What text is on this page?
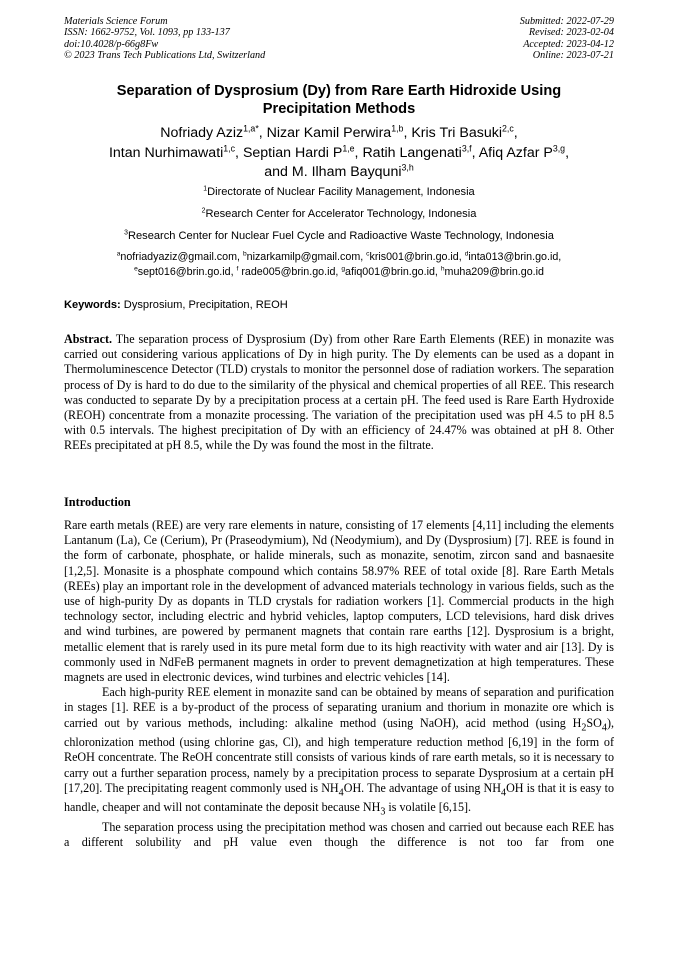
Materials Science Forum
ISSN: 1662-9752, Vol. 1093, pp 133-137
doi:10.4028/p-66g8Fw
© 2023 Trans Tech Publications Ltd, Switzerland
Submitted: 2022-07-29
Revised: 2023-02-04
Accepted: 2023-04-12
Online: 2023-07-21
Separation of Dysprosium (Dy) from Rare Earth Hidroxide Using
Precipitation Methods
Nofriady Aziz$^{1,a*}$, Nizar Kamil Perwira$^{1,b}$, Kris Tri Basuki$^{2,c}$,
Intan Nurhimawati$^{1,c}$, Septian Hardi P$^{1,e}$, Ratih Langenati$^{3,f}$, Afiq Azfar P$^{3,g}$,
and M. Ilham Bayquni$^{3,h}$
$^1$Directorate of Nuclear Facility Management, Indonesia
$^2$Research Center for Accelerator Technology, Indonesia
$^3$Research Center for Nuclear Fuel Cycle and Radioactive Waste Technology, Indonesia
$^a$nofriadyaziz@gmail.com, $^b$nizarkamilp@gmail.com, $^c$kris001@brin.go.id, $^d$inta013@brin.go.id,
$^e$sept016@brin.go.id, $^f$ rade005@brin.go.id, $^g$afiq001@brin.go.id, $^h$muha209@brin.go.id
Keywords: Dysprosium, Precipitation, REOH
Abstract. The separation process of Dysprosium (Dy) from other Rare Earth Elements (REE) in monazite was carried out considering various applications of Dy in high purity. The Dy elements can be used as a dopant in Thermoluminescence Detector (TLD) crystals to monitor the personnel dose of radiation workers. The separation process of Dy is hard to do due to the similarity of the physical and chemical properties of all REE. This research was conducted to separate Dy by a precipitation process at a certain pH. The feed used is Rare Earth Hydroxide (REOH) concentrate from a monazite processing. The variation of the precipitation used was pH 4.5 to pH 8.5 with 0.5 intervals. The highest precipitation of Dy with an efficiency of 24.47% was obtained at pH 8. Other REEs precipitated at pH 8.5, while the Dy was found the most in the filtrate.
Introduction

Rare earth metals (REE) are very rare elements in nature, consisting of 17 elements [4,11] including the elements Lantanum (La), Ce (Cerium), Pr (Praseodymium), Nd (Neodymium), and Dy (Dysprosium) [7]. REE is found in the form of carbonate, phosphate, or halide minerals, such as monazite, senotim, zircon sand and basnaesite [1,2,5]. Monasite is a phosphate compound which contains 58.97% REE of total oxide [8]. Rare Earth Metals (REEs) play an important role in the development of advanced materials technology in various fields, such as the use of high-purity Dy as dopants in TLD crystals for radiation workers [1]. Commercial products in the high technology sector, including electric and hybrid vehicles, laptop computers, LCD televisions, hard disk drives and wind turbines, are powered by permanent magnets that contain rare earths [12]. Dysprosium is a bright, metallic element that is rarely used in its pure metal form due to its high reactivity with water and air [13]. Dy is commonly used in NdFeB permanent magnets in order to prevent demagnetization at high temperatures. These magnets are used in electronic devices, wind turbines and electric vehicles [14].

Each high-purity REE element in monazite sand can be obtained by means of separation and purification in stages [1]. REE is a by-product of the process of separating uranium and thorium in monazite ore which is carried out by various methods, including: alkaline method (using NaOH), acid method (using $H_2SO_4$), chloronization method (using chlorine gas, Cl), and high temperature reduction method [6,19] in the form of ReOH concentrate. The ReOH concentrate still consists of various kinds of rare earth metals, so it is necessary to carry out a further separation process, namely by a precipitation process to separate Dysprosium at a certain pH [17,20]. The precipitating reagent commonly used is $NH_4OH$. The advantage of using $NH_4OH$ is that it is easy to handle, cheaper and will not contaminate the deposit because $NH_3$ is volatile [6,15].

The separation process using the precipitation method was chosen and carried out because each REE has a different solubility and pH value even though the difference is not too far from one
